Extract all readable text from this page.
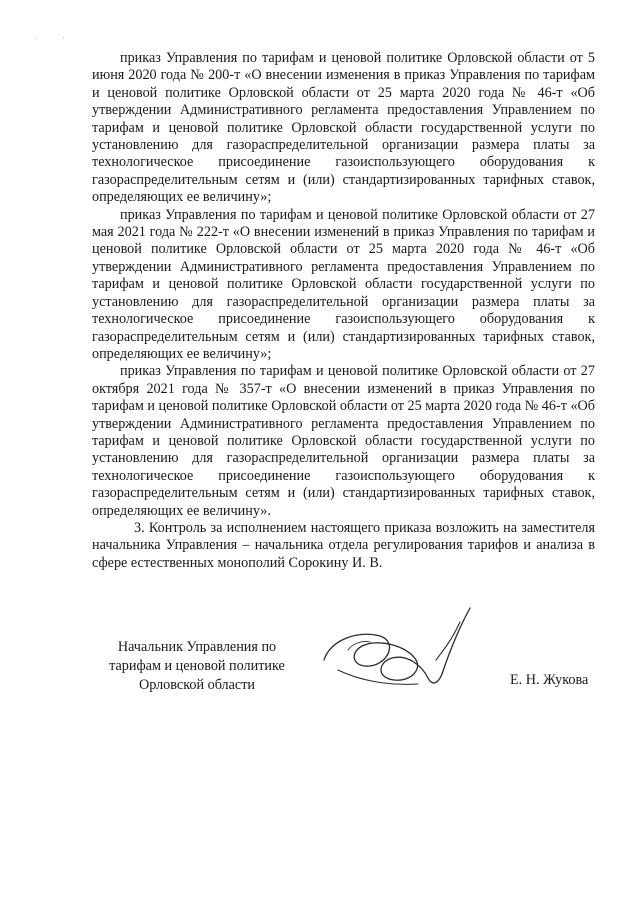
·	·

приказ Управления по тарифам и ценовой политике Орловской области от 5 июня 2020 года № 200-т «О внесении изменения в приказ Управления по тарифам и ценовой политике Орловской области от 25 марта 2020 года № 46-т «Об утверждении Административного регламента предоставления Управлением по тарифам и ценовой политике Орловской области государственной услуги по установлению для газораспределительной организации размера платы за технологическое присоединение газоиспользующего оборудования к газораспределительным сетям и (или) стандартизированных тарифных ставок, определяющих ее величину»;

приказ Управления по тарифам и ценовой политике Орловской области от 27 мая 2021 года № 222-т «О внесении изменений в приказ Управления по тарифам и ценовой политике Орловской области от 25 марта 2020 года № 46-т «Об утверждении Административного регламента предоставления Управлением по тарифам и ценовой политике Орловской области государственной услуги по установлению для газораспределительной организации размера платы за технологическое присоединение газоиспользующего оборудования к газораспределительным сетям и (или) стандартизированных тарифных ставок, определяющих ее величину»;

приказ Управления по тарифам и ценовой политике Орловской области от 27 октября 2021 года № 357-т «О внесении изменений в приказ Управления по тарифам и ценовой политике Орловской области от 25 марта 2020 года № 46-т «Об утверждении Административного регламента предоставления Управлением по тарифам и ценовой политике Орловской области государственной услуги по установлению для газораспределительной организации размера платы за технологическое присоединение газоиспользующего оборудования к газораспределительным сетям и (или) стандартизированных тарифных ставок, определяющих ее величину».

3. Контроль за исполнением настоящего приказа возложить на заместителя начальника Управления – начальника отдела регулирования тарифов и анализа в сфере естественных монополий Сорокину И. В.

Начальник Управления по
тарифам и ценовой политике
Орловской области	Е. Н. Жукова
